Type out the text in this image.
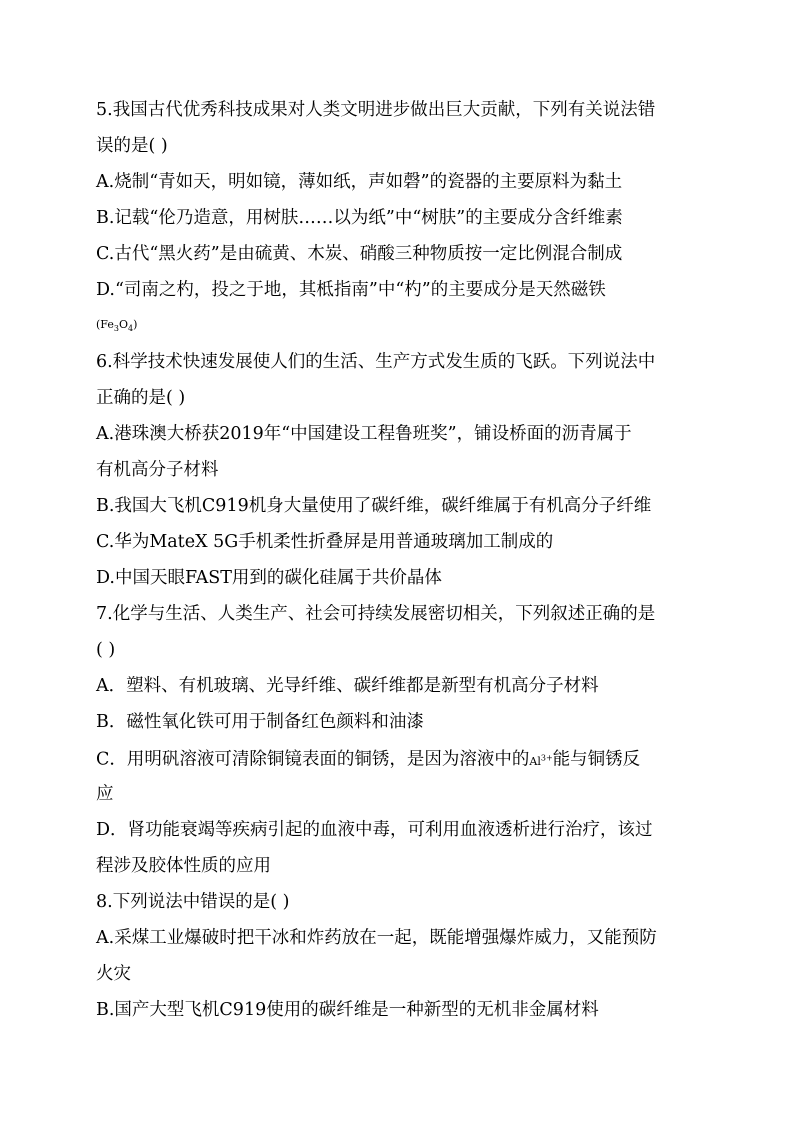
5.我国古代优秀科技成果对人类文明进步做出巨大贡献，下列有关说法错
误的是( )
A.烧制“青如天，明如镜，薄如纸，声如磬”的瓷器的主要原料为黏土
B.记载“伦乃造意，用树肤……以为纸”中“树肤”的主要成分含纤维素
C.古代“黑火药”是由硫黄、木炭、硝酸三种物质按一定比例混合制成
D.“司南之杓，投之于地，其柢指南”中“杓”的主要成分是天然磁铁
$(Fe_3O_4)$
6.科学技术快速发展使人们的生活、生产方式发生质的飞跃。下列说法中
正确的是( )
A.港珠澳大桥获2019年“中国建设工程鲁班奖”，铺设桥面的沥青属于
有机高分子材料
B.我国大飞机C919机身大量使用了碳纤维，碳纤维属于有机高分子纤维
C.华为MateX 5G手机柔性折叠屏是用普通玻璃加工制成的
D.中国天眼FAST用到的碳化硅属于共价晶体
7.化学与生活、人类生产、社会可持续发展密切相关，下列叙述正确的是
( )
A．塑料、有机玻璃、光导纤维、碳纤维都是新型有机高分子材料
B．磁性氧化铁可用于制备红色颜料和油漆
C．用明矾溶液可清除铜镜表面的铜锈，是因为溶液中的$Al^{3+}$能与铜锈反
应
D．肾功能衰竭等疾病引起的血液中毒，可利用血液透析进行治疗，该过
程涉及胶体性质的应用
8.下列说法中错误的是( )
A.采煤工业爆破时把干冰和炸药放在一起，既能增强爆炸威力，又能预防
火灾
B.国产大型飞机C919使用的碳纤维是一种新型的无机非金属材料
